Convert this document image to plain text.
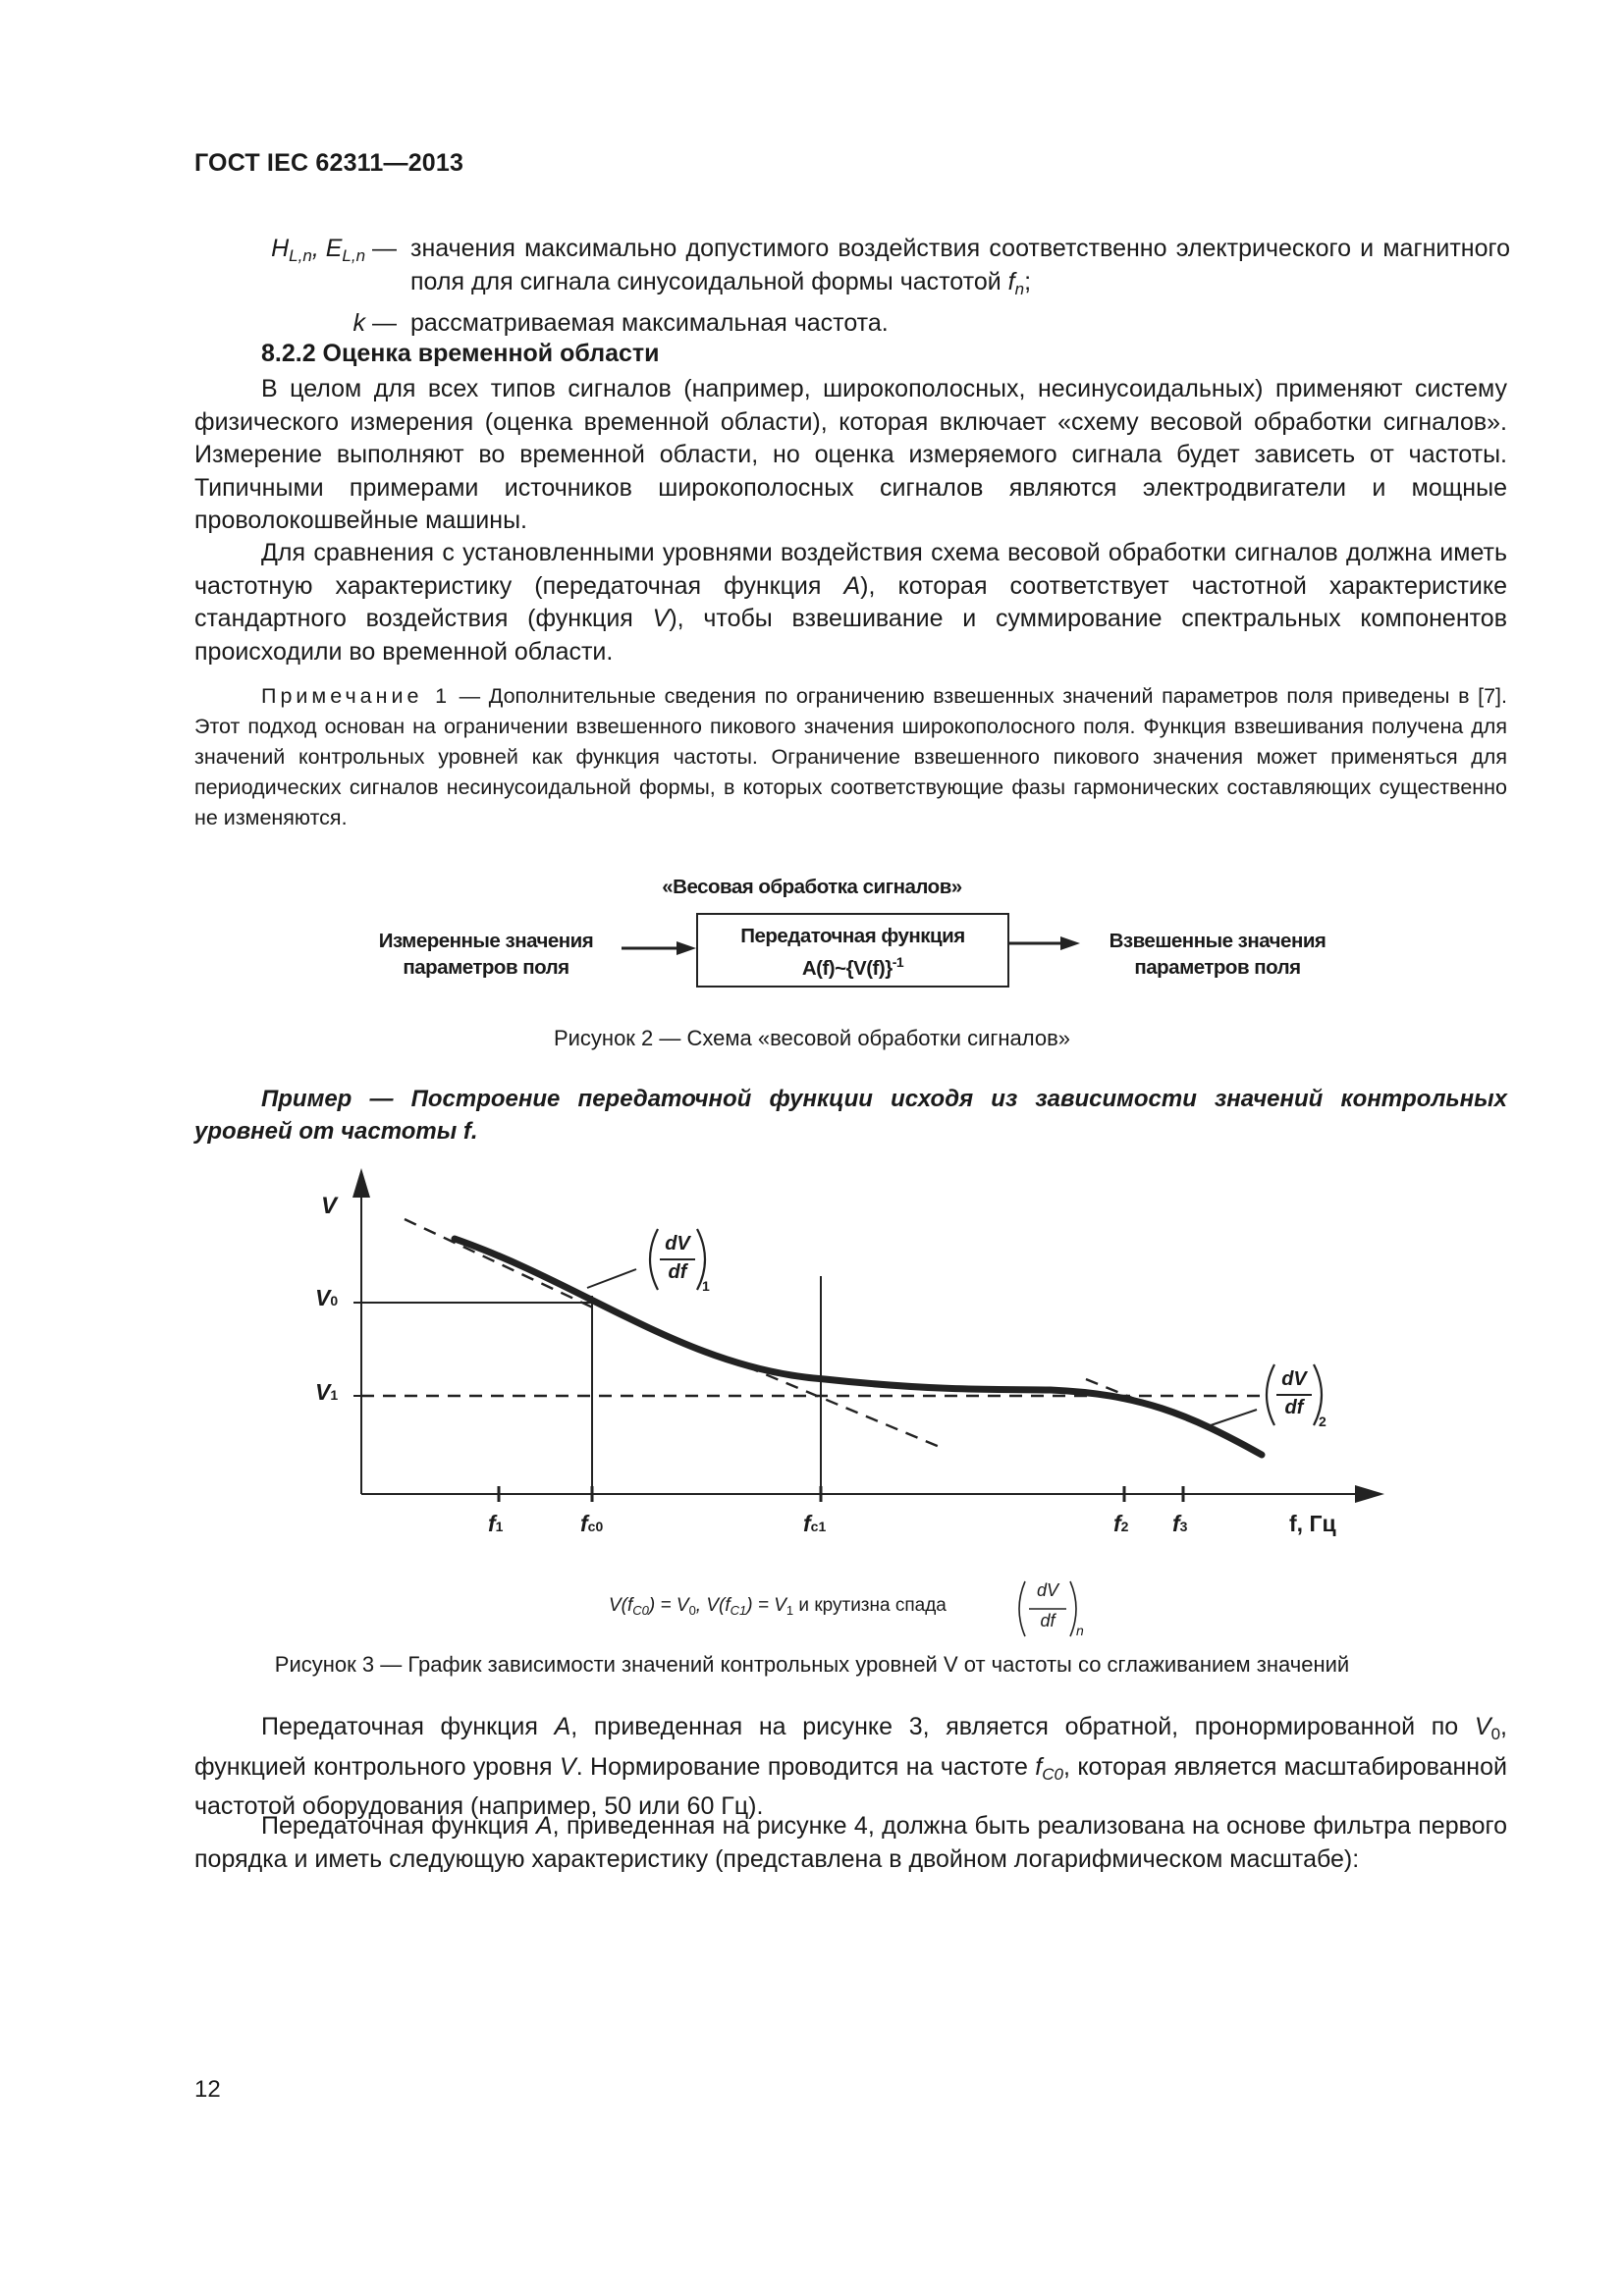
ГОСТ IEC 62311—2013
$H_{L,n}$, $E_{L,n}$ — значения максимально допустимого воздействия соответственно электрического и магнитного поля для сигнала синусоидальной формы частотой $f_n$;
k — рассматриваемая максимальная частота.
8.2.2 Оценка временной области
В целом для всех типов сигналов (например, широкополосных, несинусоидальных) применяют систему физического измерения (оценка временной области), которая включает «схему весовой обработки сигналов». Измерение выполняют во временной области, но оценка измеряемого сигнала будет зависеть от частоты. Типичными примерами источников широкополосных сигналов являются электродвигатели и мощные проволокошвейные машины.
Для сравнения с установленными уровнями воздействия схема весовой обработки сигналов должна иметь частотную характеристику (передаточная функция A), которая соответствует частотной характеристике стандартного воздействия (функция V), чтобы взвешивание и суммирование спектральных компонентов происходили во временной области.
Примечание 1 — Дополнительные сведения по ограничению взвешенных значений параметров поля приведены в [7]. Этот подход основан на ограничении взвешенного пикового значения широкополосного поля. Функция взвешивания получена для значений контрольных уровней как функция частоты. Ограничение взвешенного пикового значения может применяться для периодических сигналов несинусоидальной формы, в которых соответствующие фазы гармонических составляющих существенно не изменяются.
«Весовая обработка сигналов»
Измеренные значения
параметров поля
Передаточная функция
$A(f)\sim\{V(f)\}^{-1}$
Взвешенные значения
параметров поля
Рисунок 2 — Схема «весовой обработки сигналов»
Пример — Построение передаточной функции исходя из зависимости значений контрольных уровней от частоты f.
V
V0
V1
f1	fc0	fc1	f2 f3	f, Гц
dV
df
1
dV
df
2
$V(f_{C0}) = V_0$, $V(f_{C1}) = V_1$ и крутизна спада
dV
df	n
Рисунок 3 — График зависимости значений контрольных уровней V от частоты со сглаживанием значений
Передаточная функция A, приведенная на рисунке 3, является обратной, пронормированной по $V_0$, функцией контрольного уровня V. Нормирование проводится на частоте $f_{C0}$, которая является масштабированной частотой оборудования (например, 50 или 60 Гц).
Передаточная функция A, приведенная на рисунке 4, должна быть реализована на основе фильтра первого порядка и иметь следующую характеристику (представлена в двойном логарифмическом масштабе):
12
